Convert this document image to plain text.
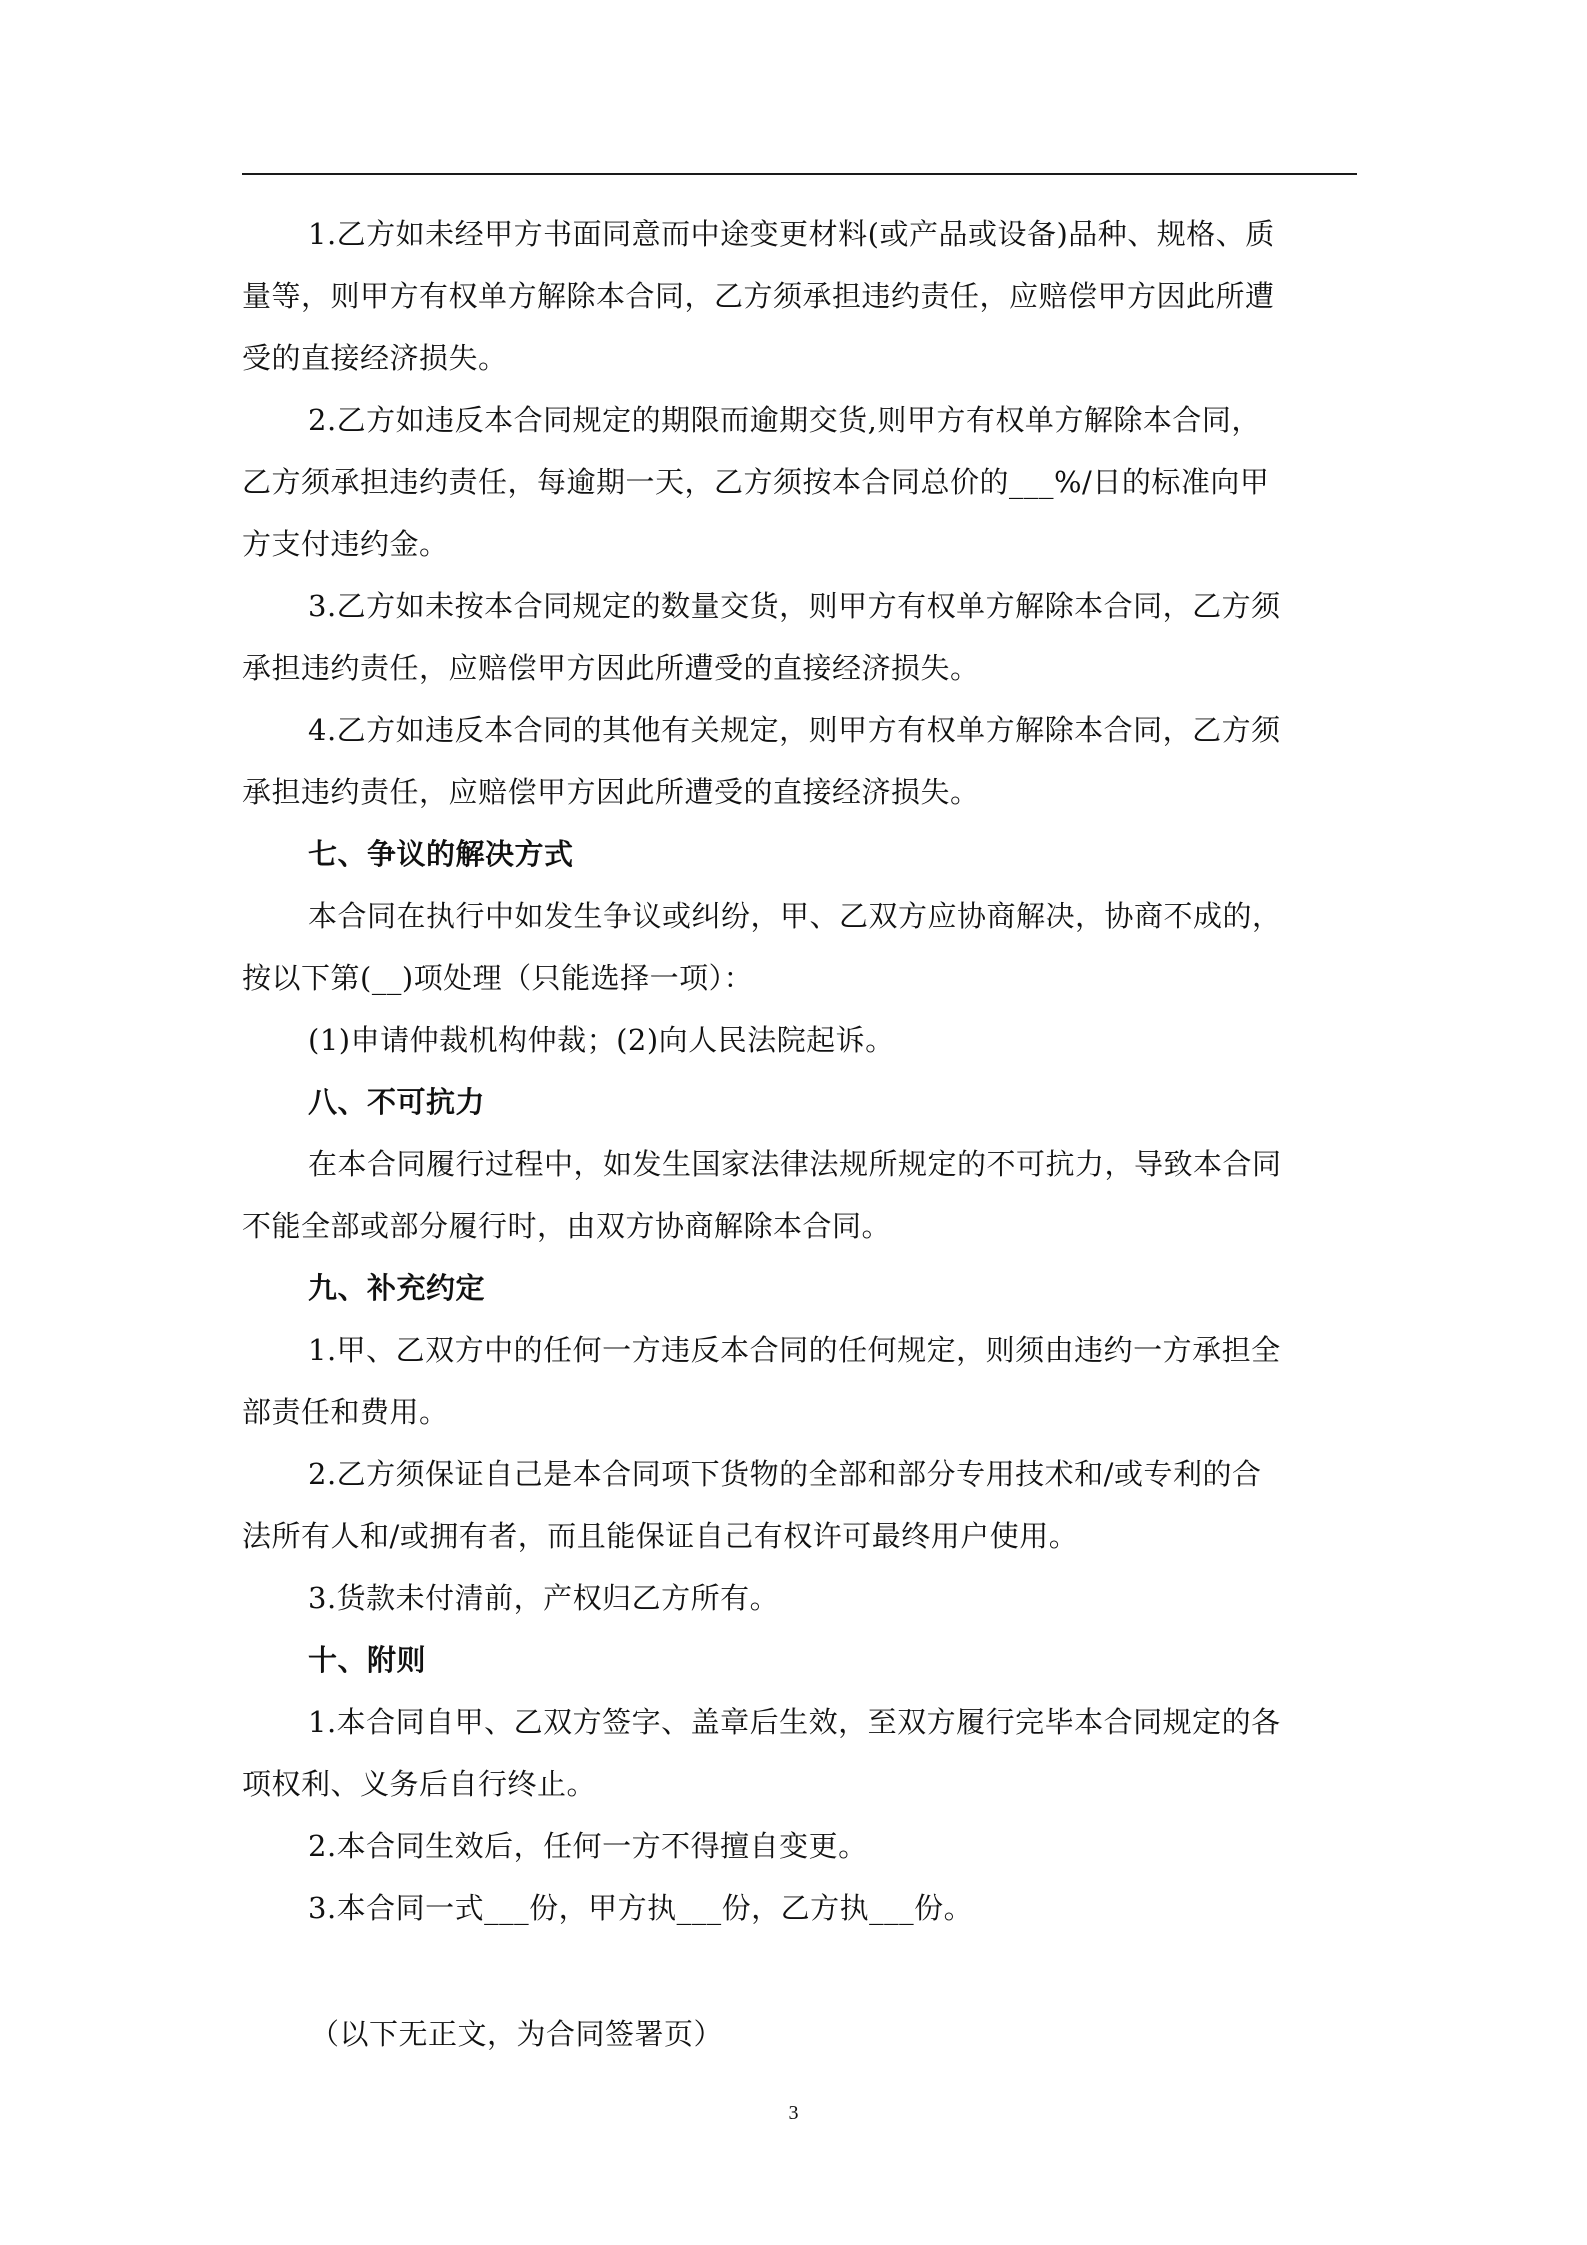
1.乙方如未经甲方书面同意而中途变更材料(或产品或设备)品种、规格、质
量等，则甲方有权单方解除本合同，乙方须承担违约责任，应赔偿甲方因此所遭
受的直接经济损失。

2.乙方如违反本合同规定的期限而逾期交货,则甲方有权单方解除本合同，
乙方须承担违约责任，每逾期一天，乙方须按本合同总价的___%/日的标准向甲
方支付违约金。

3.乙方如未按本合同规定的数量交货，则甲方有权单方解除本合同，乙方须
承担违约责任，应赔偿甲方因此所遭受的直接经济损失。

4.乙方如违反本合同的其他有关规定，则甲方有权单方解除本合同，乙方须
承担违约责任，应赔偿甲方因此所遭受的直接经济损失。

七、争议的解决方式

本合同在执行中如发生争议或纠纷，甲、乙双方应协商解决，协商不成的，
按以下第(__)项处理（只能选择一项）：

(1)申请仲裁机构仲裁；(2)向人民法院起诉。

八、不可抗力

在本合同履行过程中，如发生国家法律法规所规定的不可抗力，导致本合同
不能全部或部分履行时，由双方协商解除本合同。

九、补充约定

1.甲、乙双方中的任何一方违反本合同的任何规定，则须由违约一方承担全
部责任和费用。

2.乙方须保证自己是本合同项下货物的全部和部分专用技术和/或专利的合
法所有人和/或拥有者，而且能保证自己有权许可最终用户使用。

3.货款未付清前，产权归乙方所有。

十、附则

1.本合同自甲、乙双方签字、盖章后生效，至双方履行完毕本合同规定的各
项权利、义务后自行终止。

2.本合同生效后，任何一方不得擅自变更。

3.本合同一式___份，甲方执___份，乙方执___份。

（以下无正文，为合同签署页）
3
